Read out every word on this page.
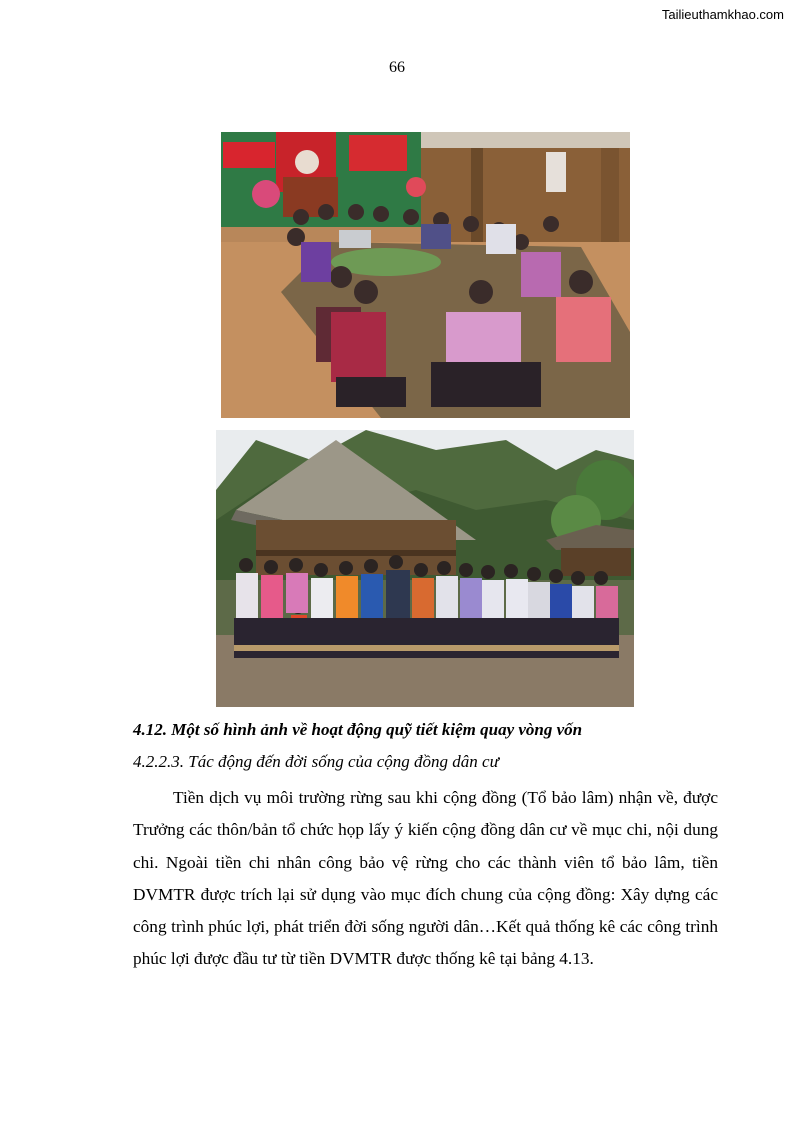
Tailieuthamkhao.com
66
4.12. Một số hình ảnh về hoạt động quỹ tiết kiệm quay vòng vốn
4.2.2.3. Tác động đến đời sống của cộng đồng dân cư

Tiền dịch vụ môi trường rừng sau khi cộng đồng (Tổ bảo lâm) nhận về, được Trưởng các thôn/bản tổ chức họp lấy ý kiến cộng đồng dân cư về mục chi, nội dung chi. Ngoài tiền chi nhân công bảo vệ rừng cho các thành viên tổ bảo lâm, tiền DVMTR được trích lại sử dụng vào mục đích chung của cộng đồng: Xây dựng các công trình phúc lợi, phát triển đời sống người dân…Kết quả thống kê các công trình phúc lợi được đầu tư từ tiền DVMTR được thống kê tại bảng 4.13.
